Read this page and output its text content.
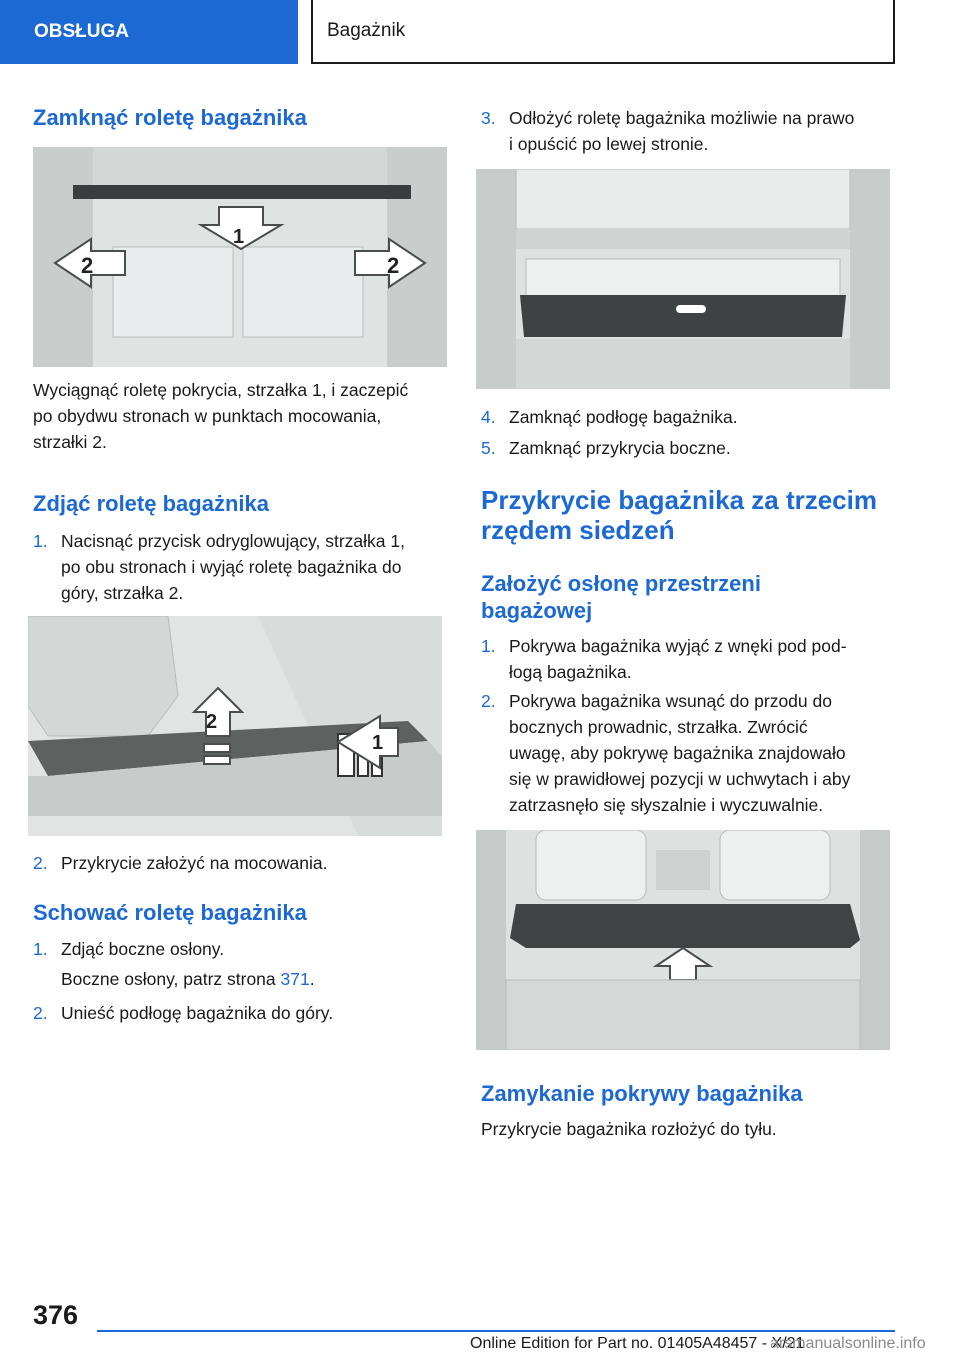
OBSŁUGA	Bagażnik
Zamknąć roletę bagażnika
1
2	2
Wyciągnąć roletę pokrycia, strzałka 1, i zaczepić
po obydwu stronach w punktach mocowania,
strzałki 2.
Zdjąć roletę bagażnika
1. Nacisnąć przycisk odryglowujący, strzałka 1,
po obu stronach i wyjąć roletę bagażnika do
góry, strzałka 2.
2
1
2. Przykrycie założyć na mocowania.
Schować roletę bagażnika
1. Zdjąć boczne osłony.
Boczne osłony, patrz strona 371.
2. Unieść podłogę bagażnika do góry.
3. Odłożyć roletę bagażnika możliwie na prawo
i opuścić po lewej stronie.
4. Zamknąć podłogę bagażnika.
5. Zamknąć przykrycia boczne.
Przykrycie bagażnika za trzecim
rzędem siedzeń
Założyć osłonę przestrzeni
bagażowej
1. Pokrywa bagażnika wyjąć z wnęki pod pod-
łogą bagażnika.
2. Pokrywa bagażnika wsunąć do przodu do
bocznych prowadnic, strzałka. Zwrócić
uwagę, aby pokrywę bagażnika znajdowało
się w prawidłowej pozycji w uchwytach i aby
zatrzasnęło się słyszalnie i wyczuwalnie.
Zamykanie pokrywy bagażnika
Przykrycie bagażnika rozłożyć do tyłu.
376
Online Edition for Part no. 01405A48457 - X/21
arsmanualsonline.info
